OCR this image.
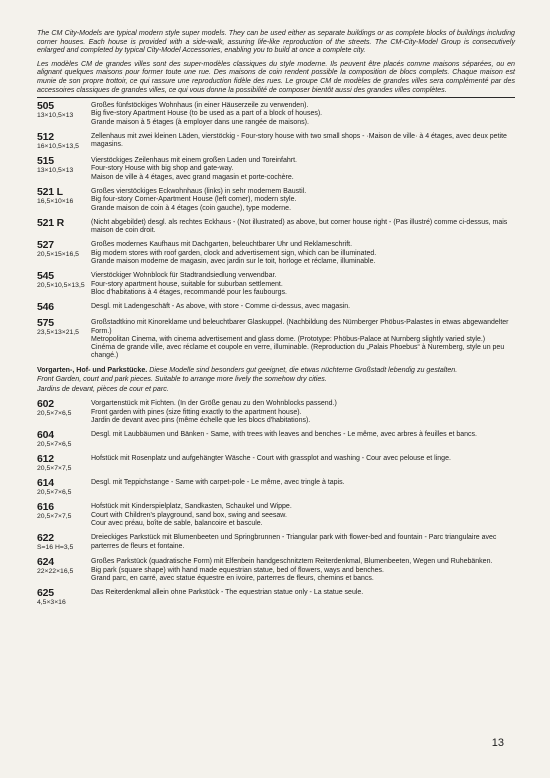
The CM City-Models are typical modern style super models. They can be used either as separate buildings or as complete blocks of buildings including corner houses. Each house is provided with a side-walk, assuring life-like reproduction of the streets. The CM-City-Model Group is consecutively enlarged and completed by typical City-Model Accessories, enabling you to build at once a complete city.

Les modèles CM de grandes villes sont des super-modèles classiques du style moderne. Ils peuvent être placés comme maisons séparées, ou en alignant quelques maisons pour former toute une rue. Des maisons de coin rendent possible la composition de blocs complets. Chaque maison est munie de son propre trottoir, ce qui rassure une reproduction fidèle des rues. Le groupe CM de modèles de grandes villes sera complémenté par des accessoires classiques de grandes villes, ce qui vous donne la possibilité de composer bientôt aussi des grandes villes complètes.

505
13×10,5×13
Großes fünfstöckiges Wohnhaus (in einer Häuserzeile zu verwenden).
Big five-story Apartment House (to be used as a part of a block of houses).
Grande maison à 5 étages (à employer dans une rangée de maisons).
512
16×10,5×13,5
Zellenhaus mit zwei kleinen Läden, vierstöckig - Four-story house with two small shops - ·Maison de ville· à 4 étages, avec deux petite magasins.
515
13×10,5×13
Vierstöckiges Zeilenhaus mit einem großen Laden und Toreinfahrt.
Four-story House with big shop and gate-way.
Maison de ville à 4 étages, avec grand magasin et porte-cochère.
521 L
16,5×10×16
Großes vierstöckiges Eckwohnhaus (links) in sehr modernem Baustil.
Big four-story Corner-Apartment House (left corner), modern style.
Grande maison de coin à 4 étages (coin gauche), type moderne.
521 R	(Nicht abgebildet) desgl. als rechtes Eckhaus - (Not illustrated) as above, but corner house right - (Pas illustré) comme ci-dessus, mais maison de coin droit.
527
20,5×15×16,5
Großes modernes Kaufhaus mit Dachgarten, beleuchtbarer Uhr und Reklameschrift.
Big modern stores with roof garden, clock and advertisement sign, which can be illuminated.
Grande maison moderne de magasin, avec jardin sur le toit, horloge et réclame, illuminable.
545
20,5×10,5×13,5
Vierstöckiger Wohnblock für Stadtrandsiedlung verwendbar.
Four-story apartment house, suitable for suburban settlement.
Bloc d'habitations à 4 étages, recommandé pour les faubourgs.
546	Desgl. mit Ladengeschäft - As above, with store - Comme ci-dessus, avec magasin.
575
23,5×13×21,5
Großstadtkino mit Kinoreklame und beleuchtbarer Glaskuppel. (Nachbildung des Nürnberger Phöbus-Palastes in etwas abgewandelter Form.)
Metropolitan Cinema, with cinema advertisement and glass dome. (Prototype: Phöbus-Palace at Nurnberg slightly varied style.)
Cinéma de grande ville, avec réclame et coupole en verre, illuminable. (Reproduction du „Palais Phoebus“ à Nuremberg, style un peu changé.)

Vorgarten-, Hof- und Parkstücke. Diese Modelle sind besonders gut geeignet, die etwas nüchterne Großstadt lebendig zu gestalten.

Front Garden, court and park pieces. Suitable to arrange more lively the somehow dry cities.

Jardins de devant, pièces de cour et parc.

602
20,5×7×6,5
Vorgartenstück mit Fichten. (In der Größe genau zu den Wohnblocks passend.)
Front garden with pines (size fitting exactly to the apartment house).
Jardin de devant avec pins (même échelle que les blocs d'habitations).
604
20,5×7×6,5
Desgl. mit Laubbäumen und Bänken - Same, with trees with leaves and benches - Le même, avec arbres à feuilles et bancs.
612
20,5×7×7,5
Hofstück mit Rosenplatz und aufgehängter Wäsche - Court with grassplot and washing - Cour avec pelouse et linge.
614
20,5×7×6,5
Desgl. mit Teppichstange - Same with carpet-pole - Le même, avec tringle à tapis.
616
20,5×7×7,5
Hofstück mit Kinderspielplatz, Sandkasten, Schaukel und Wippe.
Court with Children's playground, sand box, swing and seesaw.
Cour avec préau, boîte de sable, balancoire et bascule.
622
S=16 H=3,5
Dreieckiges Parkstück mit Blumenbeeten und Springbrunnen - Triangular park with flower-bed and fountain - Parc triangulaire avec parterres de fleurs et fontaine.
624
22×22×16,5
Großes Parkstück (quadratische Form) mit Elfenbein handgeschnitztem Reiterdenkmal, Blumenbeeten, Wegen und Ruhebänken.
Big park (square shape) with hand made equestrian statue, bed of flowers, ways and benches.
Grand parc, en carré, avec statue équestre en ivoire, parterres de fleurs, chemins et bancs.
625
4,5×3×16
Das Reiterdenkmal allein ohne Parkstück - The equestrian statue only - La statue seule.
13
